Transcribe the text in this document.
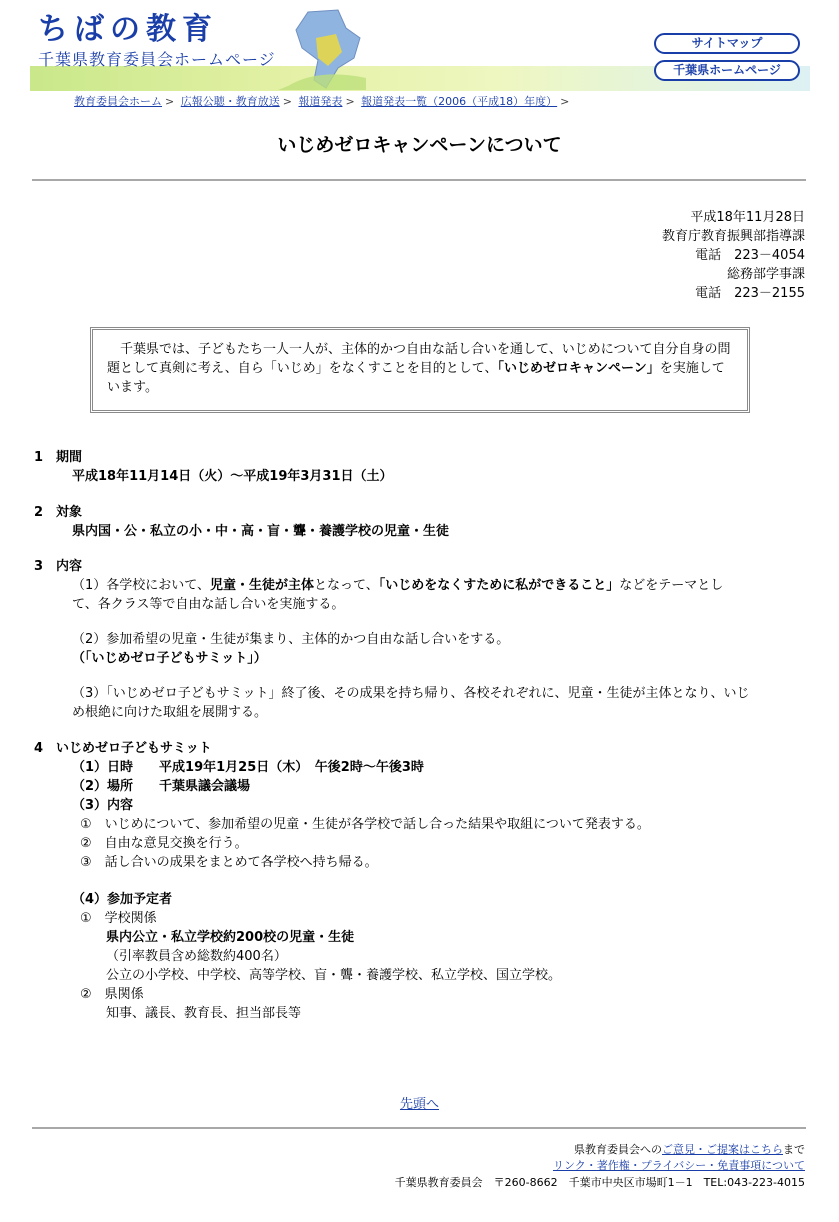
ちばの教育
千葉県教育委員会ホームページ
サイトマップ
千葉県ホームページ
教育委員会ホーム > 広報公聴・教育放送 > 報道発表 > 報道発表一覧（2006（平成18）年度） >
いじめゼロキャンペーンについて
平成18年11月28日
教育庁教育振興部指導課
電話　223－4054
総務部学事課
電話　223－2155
　千葉県では、子どもたち一人一人が、主体的かつ自由な話し合いを通して、いじめについて自分自身の問題として真剣に考え、自ら「いじめ」をなくすことを目的として、「いじめゼロキャンペーン」を実施しています。
1　期間
平成18年11月14日（火）～平成19年3月31日（土）
2　対象
県内国・公・私立の小・中・高・盲・聾・養護学校の児童・生徒
3　内容
（1）各学校において、児童・生徒が主体となって、「いじめをなくすために私ができること」などをテーマとし
て、各クラス等で自由な話し合いを実施する。
（2）参加希望の児童・生徒が集まり、主体的かつ自由な話し合いをする。
（「いじめゼロ子どもサミット」）
（3）「いじめゼロ子どもサミット」終了後、その成果を持ち帰り、各校それぞれに、児童・生徒が主体となり、いじ
め根絶に向けた取組を展開する。
4　いじめゼロ子どもサミット
（1）日時　　平成19年1月25日（木）　午後2時～午後3時
（2）場所　　千葉県議会議場
（3）内容
①　いじめについて、参加希望の児童・生徒が各学校で話し合った結果や取組について発表する。
②　自由な意見交換を行う。
③　話し合いの成果をまとめて各学校へ持ち帰る。
（4）参加予定者
①　学校関係
県内公立・私立学校約200校の児童・生徒
（引率教員含め総数約400名）
公立の小学校、中学校、高等学校、盲・聾・養護学校、私立学校、国立学校。
②　県関係
知事、議長、教育長、担当部長等
先頭へ
県教育委員会へのご意見・ご提案はこちらまで
リンク・著作権・プライバシー・免責事項について
千葉県教育委員会　〒260-8662　千葉市中央区市場町1－1　TEL:043-223-4015
